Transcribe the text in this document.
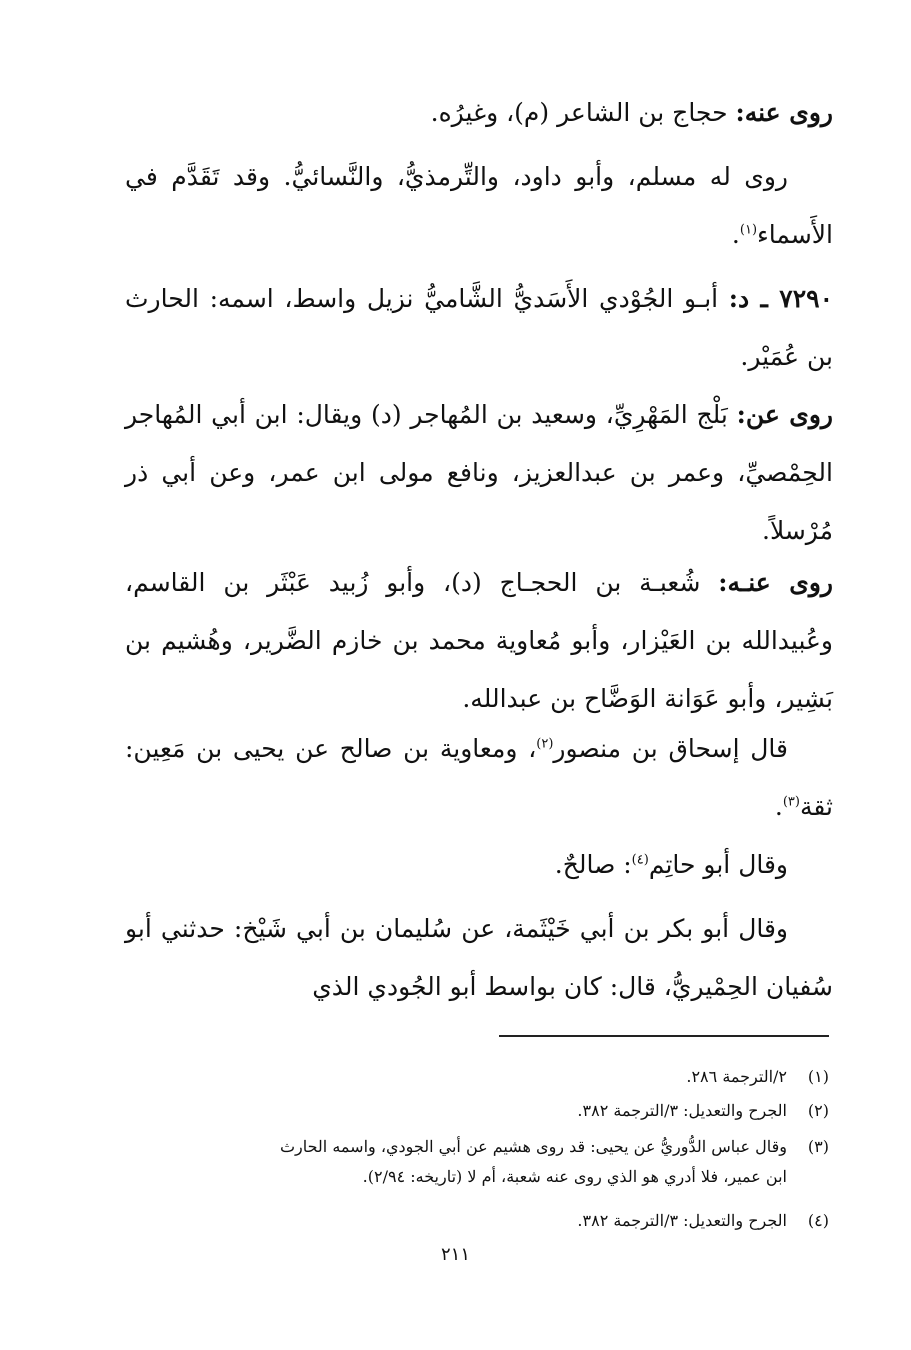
روى عنه: حجاج بن الشاعر (م)، وغيرُه.
روى له مسلم، وأبو داود، والتِّرمذيُّ، والنَّسائيُّ. وقد تَقَدَّم في الأَسماء$^{(١)}$.
٧٢٩٠ ـ د: أبـو الجُوْدي الأَسَديُّ الشَّاميُّ نزيل واسط، اسمه: الحارث بن عُمَيْر.
روى عن: بَلْج المَهْرِيِّ، وسعيد بن المُهاجر (د) ويقال: ابن أبي المُهاجر الحِمْصيِّ، وعمر بن عبدالعزيز، ونافع مولى ابن عمر، وعن أبي ذر مُرْسلاً.
روى عنـه: شُعبـة بن الحجـاج (د)، وأبو زُبيد عَبْثَر بن القاسم، وعُبيدالله بن العَيْزار، وأبو مُعاوية محمد بن خازم الضَّرير، وهُشيم بن بَشِير، وأبو عَوَانة الوَضَّاح بن عبدالله.
قال إسحاق بن منصور$^{(٢)}$، ومعاوية بن صالح عن يحيى بن مَعِين: ثقة$^{(٣)}$.
وقال أبو حاتِم$^{(٤)}$: صالحٌ.
وقال أبو بكر بن أبي خَيْثَمة، عن سُليمان بن أبي شَيْخ: حدثني أبو سُفيان الحِمْيريُّ، قال: كان بواسط أبو الجُودي الذي
(١)٢/الترجمة ٢٨٦.
(٢)الجرح والتعديل: ٣/الترجمة ٣٨٢.
(٣)وقال عباس الدُّوريُّ عن يحيى: قد روى هشيم عن أبي الجودي، واسمه الحارث
ابن عمير، فلا أدري هو الذي روى عنه شعبة، أم لا (تاريخه: ٢/٩٤).
(٤)الجرح والتعديل: ٣/الترجمة ٣٨٢.
٢١١
